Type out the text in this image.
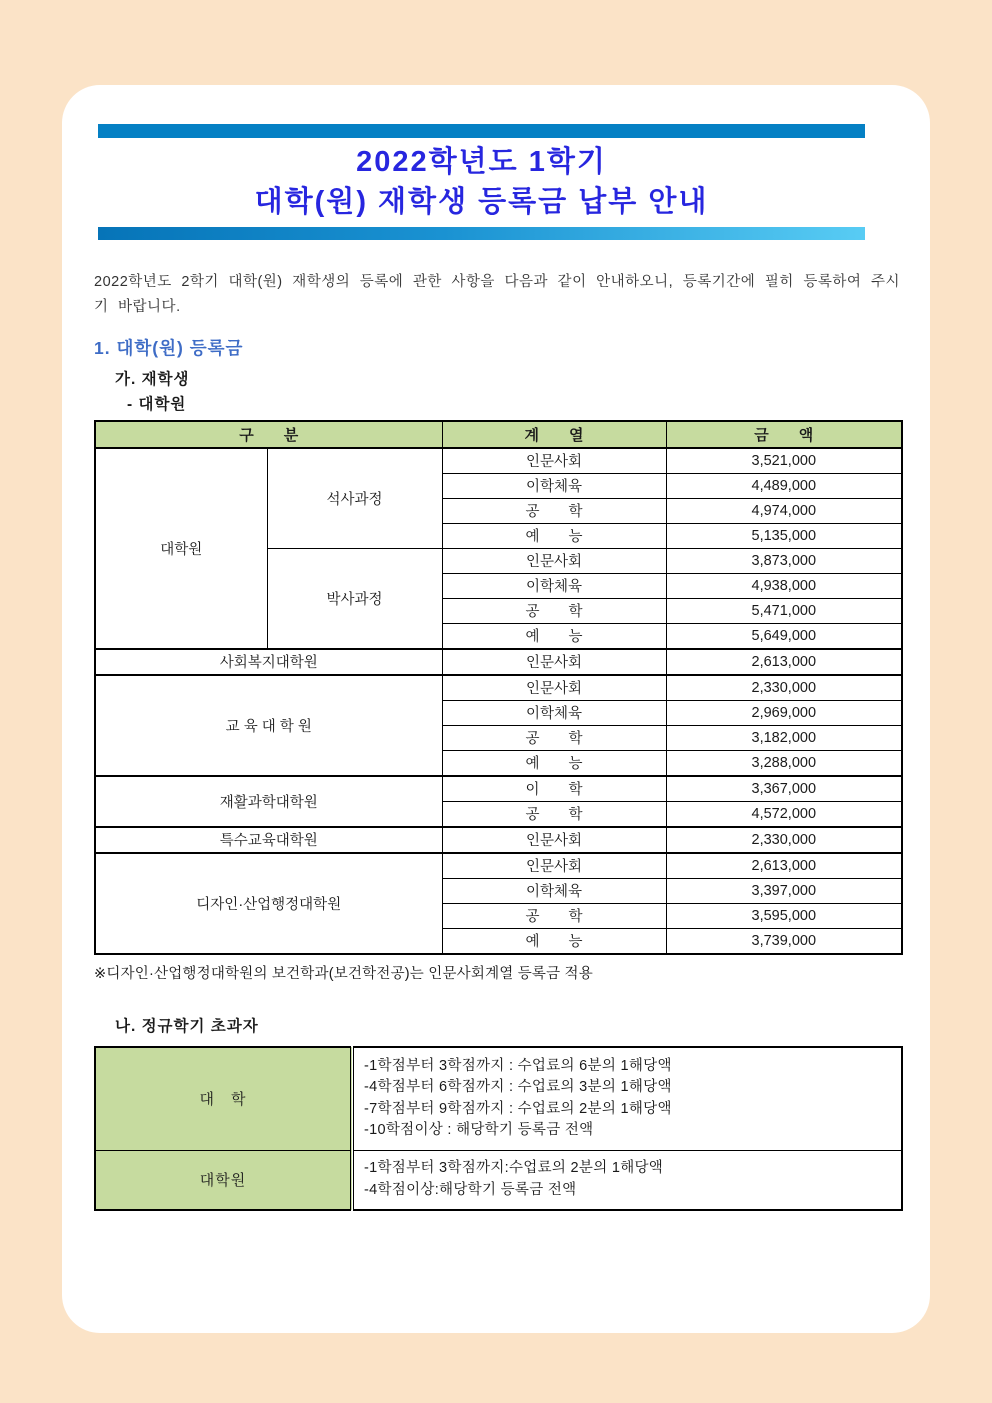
2022학년도 1학기
대학(원) 재학생 등록금 납부 안내

2022학년도 2학기 대학(원) 재학생의 등록에 관한 사항을 다음과 같이 안내하오니, 등록기간에 필히 등록하여 주시기 바랍니다.

1. 대학(원) 등록금
가. 재학생
- 대학원
구　　분		계　　열	금　　액
대학원	석사과정	인문사회	3,521,000
		이학체육	4,489,000
		공　　학	4,974,000
		예　　능	5,135,000
	박사과정	인문사회	3,873,000
		이학체육	4,938,000
		공　　학	5,471,000
		예　　능	5,649,000
사회복지대학원		인문사회	2,613,000
교 육 대 학 원		인문사회	2,330,000
		이학체육	2,969,000
		공　　학	3,182,000
		예　　능	3,288,000
재활과학대학원		이　　학	3,367,000
		공　　학	4,572,000
특수교육대학원		인문사회	2,330,000
디자인·산업행정대학원		인문사회	2,613,000
		이학체육	3,397,000
		공　　학	3,595,000
		예　　능	3,739,000
※디자인·산업행정대학원의 보건학과(보건학전공)는 인문사회계열 등록금 적용
나. 정규학기 초과자
대　학	-1학점부터 3학점까지 : 수업료의 6분의 1해당액
-4학점부터 6학점까지 : 수업료의 3분의 1해당액
-7학점부터 9학점까지 : 수업료의 2분의 1해당액
-10학점이상 : 해당학기 등록금 전액

대학원	-1학점부터 3학점까지:수업료의 2분의 1해당액
-4학점이상:해당학기 등록금 전액
